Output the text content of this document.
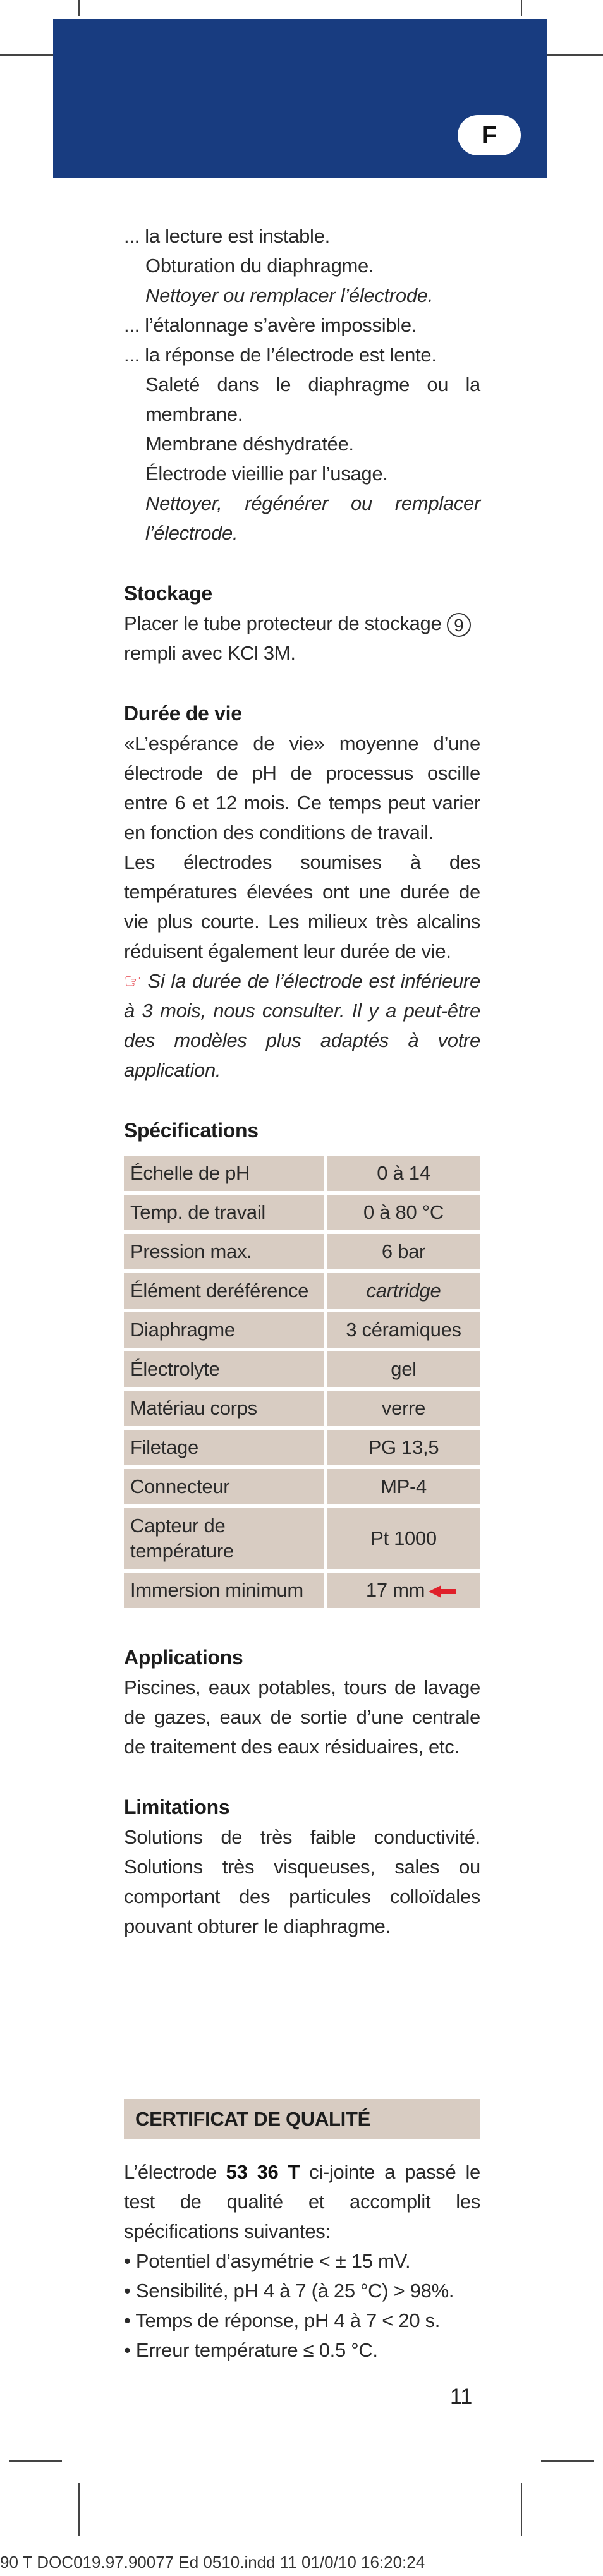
F

... la lecture est instable.

Obturation du diaphragme.

Nettoyer ou remplacer l’électrode.

... l’étalonnage s’avère impossible.

... la réponse de l’électrode est lente.

Saleté dans le diaphragme ou la membrane.

Membrane déshydratée.

Électrode vieillie par l’usage.

Nettoyer, régénérer ou remplacer l’électrode.

Stockage

Placer le tube protecteur de stockage 9 rempli avec KCl 3M.

Durée de vie

«L’espérance de vie» moyenne d’une électrode de pH de processus oscille entre 6 et 12 mois. Ce temps peut varier en fonction des conditions de travail.

Les électrodes soumises à des températures élevées ont une durée de vie plus courte. Les milieux très alcalins réduisent également leur durée de vie.

☞ Si la durée de l’électrode est inférieure à 3 mois, nous consulter. Il y a peut-être des modèles plus adaptés à votre application.

Spécifications
Échelle de pH	0 à 14
Temp. de travail	0 à 80 °C
Pression max.	6 bar
Élément deréférence	cartridge
Diaphragme	3 céramiques
Électrolyte	gel
Matériau corps	verre
Filetage	PG 13,5
Connecteur	MP-4
Capteur de température	Pt 1000
Immersion minimum	17 mm
Applications

Piscines, eaux potables, tours de lavage de gazes, eaux de sortie d’une centrale de traitement des eaux résiduaires, etc.

Limitations

Solutions de très faible conductivité. Solutions très visqueuses, sales ou comportant des particules colloïdales pouvant obturer le diaphragme.

CERTIFICAT DE QUALITÉ

L’électrode 53 36 T ci-jointe a passé le test de qualité et accomplit les spécifications suivantes:

• Potentiel d’asymétrie < ± 15 mV.

• Sensibilité, pH 4 à 7 (à 25 °C) > 98%.

• Temps de réponse, pH 4 à 7 < 20 s.

• Erreur température ≤ 0.5 °C.

11
90 T DOC019.97.90077 Ed 0510.indd 11 01/0/10 16:20:24
